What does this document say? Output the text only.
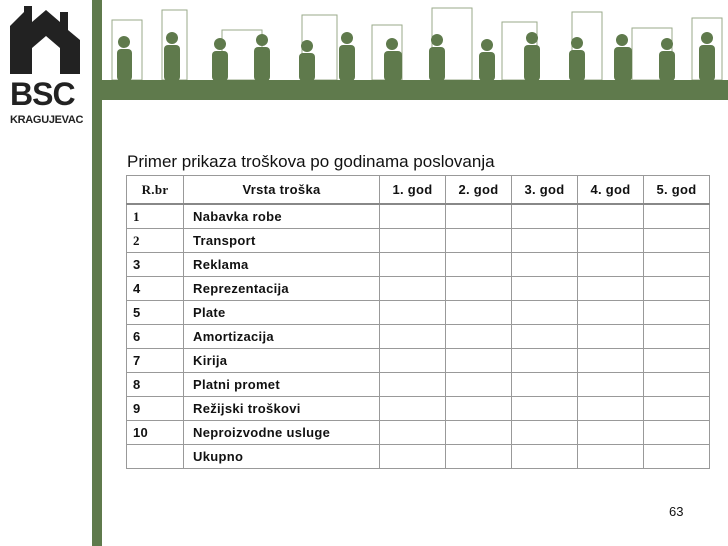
BSC
KRAGUJEVAC
Primer prikaza troškova po godinama poslovanja
R.br	Vrsta troška	1. god	2. god	3. god	4. god	5. god
1	Nabavka robe					
2	Transport					
3	Reklama					
4	Reprezentacija					
5	Plate					
6	Amortizacija					
7	Kirija					
8	Platni promet					
9	Režijski troškovi					
10	Neproizvodne usluge					
	Ukupno					
63
